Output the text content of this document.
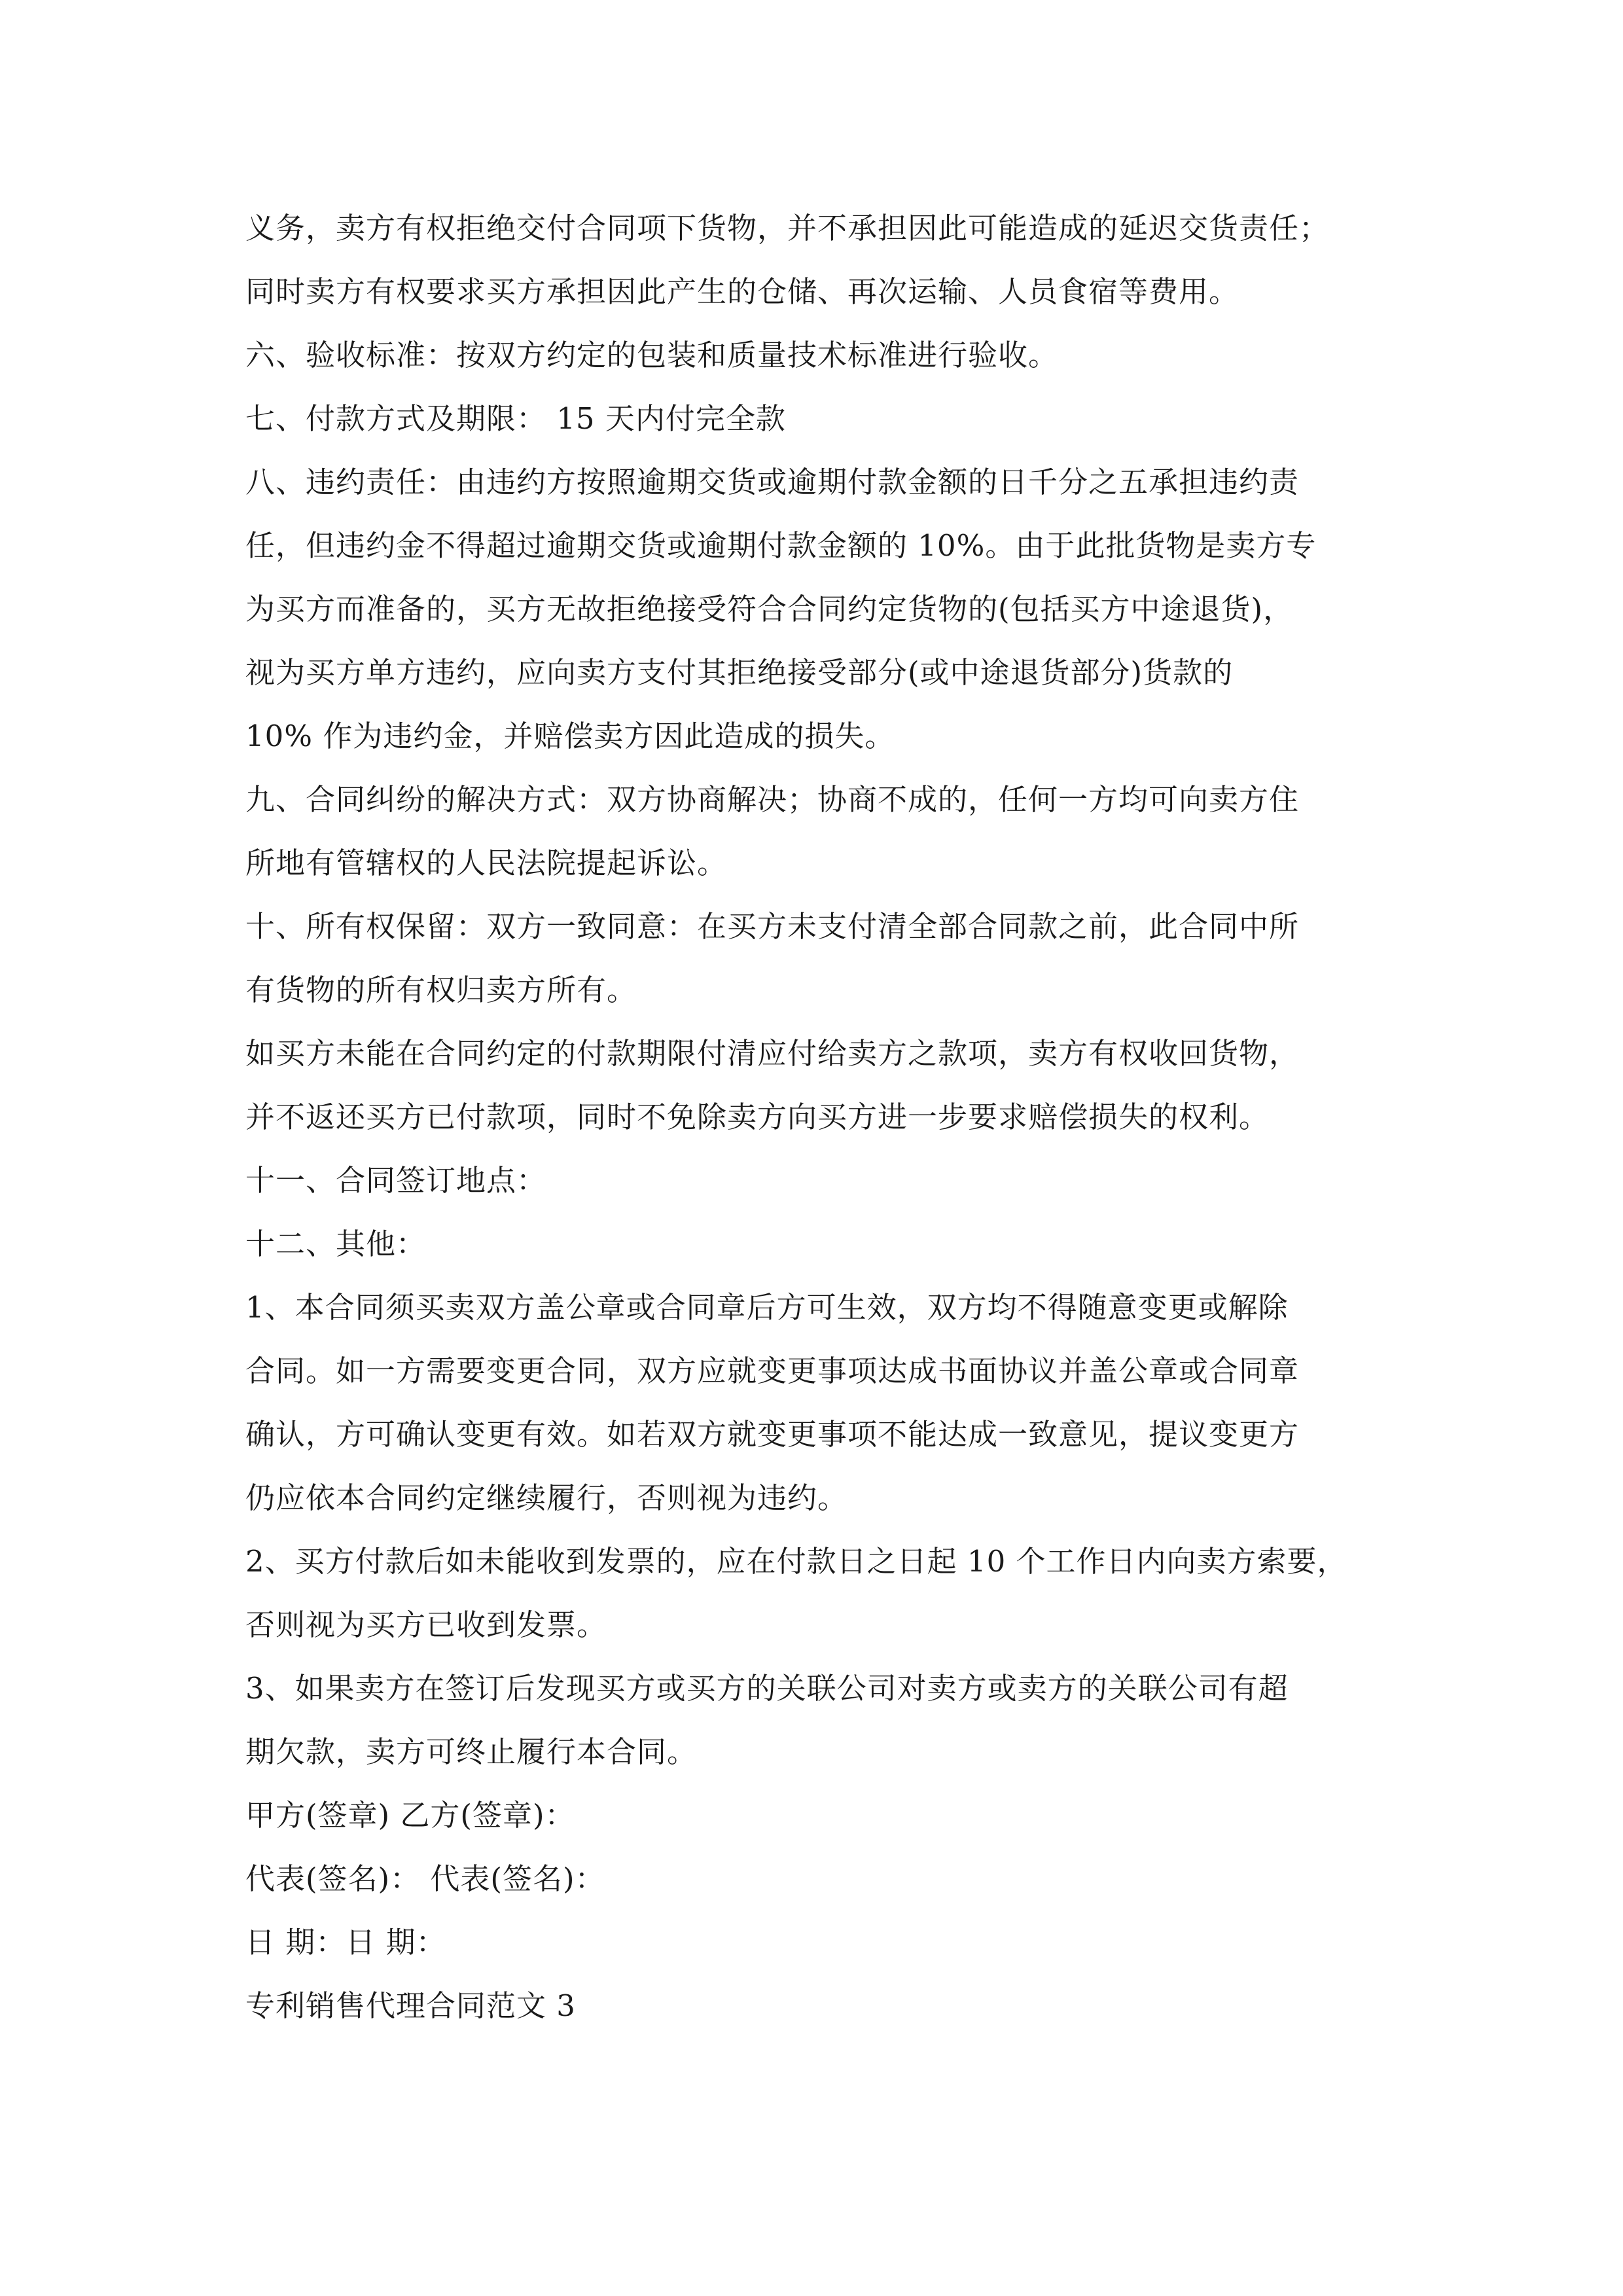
义务，卖方有权拒绝交付合同项下货物，并不承担因此可能造成的延迟交货责任；

同时卖方有权要求买方承担因此产生的仓储、再次运输、人员食宿等费用。

六、验收标准：按双方约定的包装和质量技术标准进行验收。

七、付款方式及期限： 15 天内付完全款

八、违约责任：由违约方按照逾期交货或逾期付款金额的日千分之五承担违约责

任，但违约金不得超过逾期交货或逾期付款金额的 10%。由于此批货物是卖方专

为买方而准备的，买方无故拒绝接受符合合同约定货物的(包括买方中途退货)，

视为买方单方违约，应向卖方支付其拒绝接受部分(或中途退货部分)货款的

10% 作为违约金，并赔偿卖方因此造成的损失。

九、合同纠纷的解决方式：双方协商解决；协商不成的，任何一方均可向卖方住

所地有管辖权的人民法院提起诉讼。

十、所有权保留：双方一致同意：在买方未支付清全部合同款之前，此合同中所

有货物的所有权归卖方所有。

如买方未能在合同约定的付款期限付清应付给卖方之款项，卖方有权收回货物，

并不返还买方已付款项，同时不免除卖方向买方进一步要求赔偿损失的权利。

十一、合同签订地点：

十二、其他：

1、本合同须买卖双方盖公章或合同章后方可生效，双方均不得随意变更或解除

合同。如一方需要变更合同，双方应就变更事项达成书面协议并盖公章或合同章

确认，方可确认变更有效。如若双方就变更事项不能达成一致意见，提议变更方

仍应依本合同约定继续履行，否则视为违约。

2、买方付款后如未能收到发票的，应在付款日之日起 10 个工作日内向卖方索要，

否则视为买方已收到发票。

3、如果卖方在签订后发现买方或买方的关联公司对卖方或卖方的关联公司有超

期欠款，卖方可终止履行本合同。

甲方(签章) 乙方(签章)：

代表(签名)： 代表(签名)：

日 期：日 期：

专利销售代理合同范文 3
